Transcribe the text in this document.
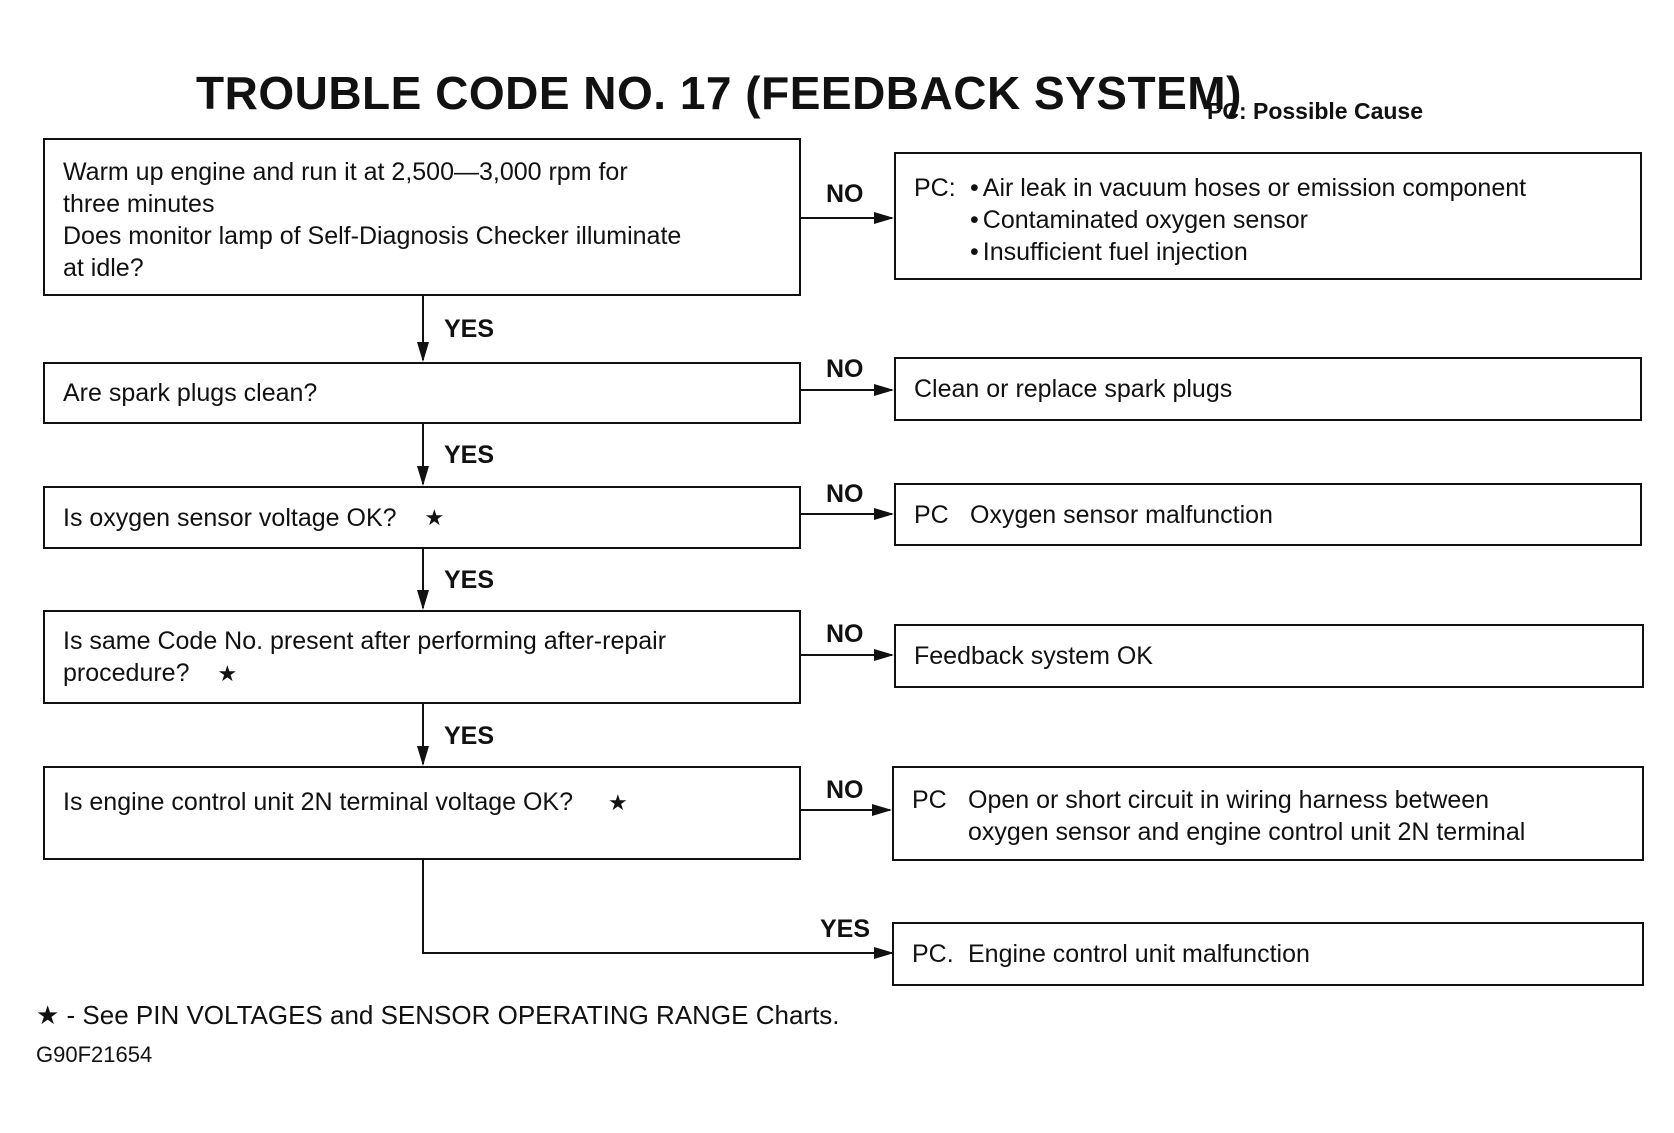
TROUBLE CODE NO. 17 (FEEDBACK SYSTEM)
PC: Possible Cause
Warm up engine and run it at 2,500—3,000 rpm for
three minutes
Does monitor lamp of Self-Diagnosis Checker illuminate
at idle?
NO PC:
•	Air leak in vacuum hoses or emission component
• Contaminated oxygen sensor
• Insufficient fuel injection
YES
Are spark plugs clean?
NO
Clean or replace spark plugs
YES
Is oxygen sensor voltage OK? ★
NO
PC Oxygen sensor malfunction
YES
Is same Code No. present after performing after-repair
procedure? ★
NO
Feedback system OK
YES
Is engine control unit 2N terminal voltage OK? ★	NO PC Open or short circuit in wiring harness between
oxygen sensor and engine control unit 2N terminal
YES
PC. Engine control unit malfunction
★ - See PIN VOLTAGES and SENSOR OPERATING RANGE Charts.
G90F21654
